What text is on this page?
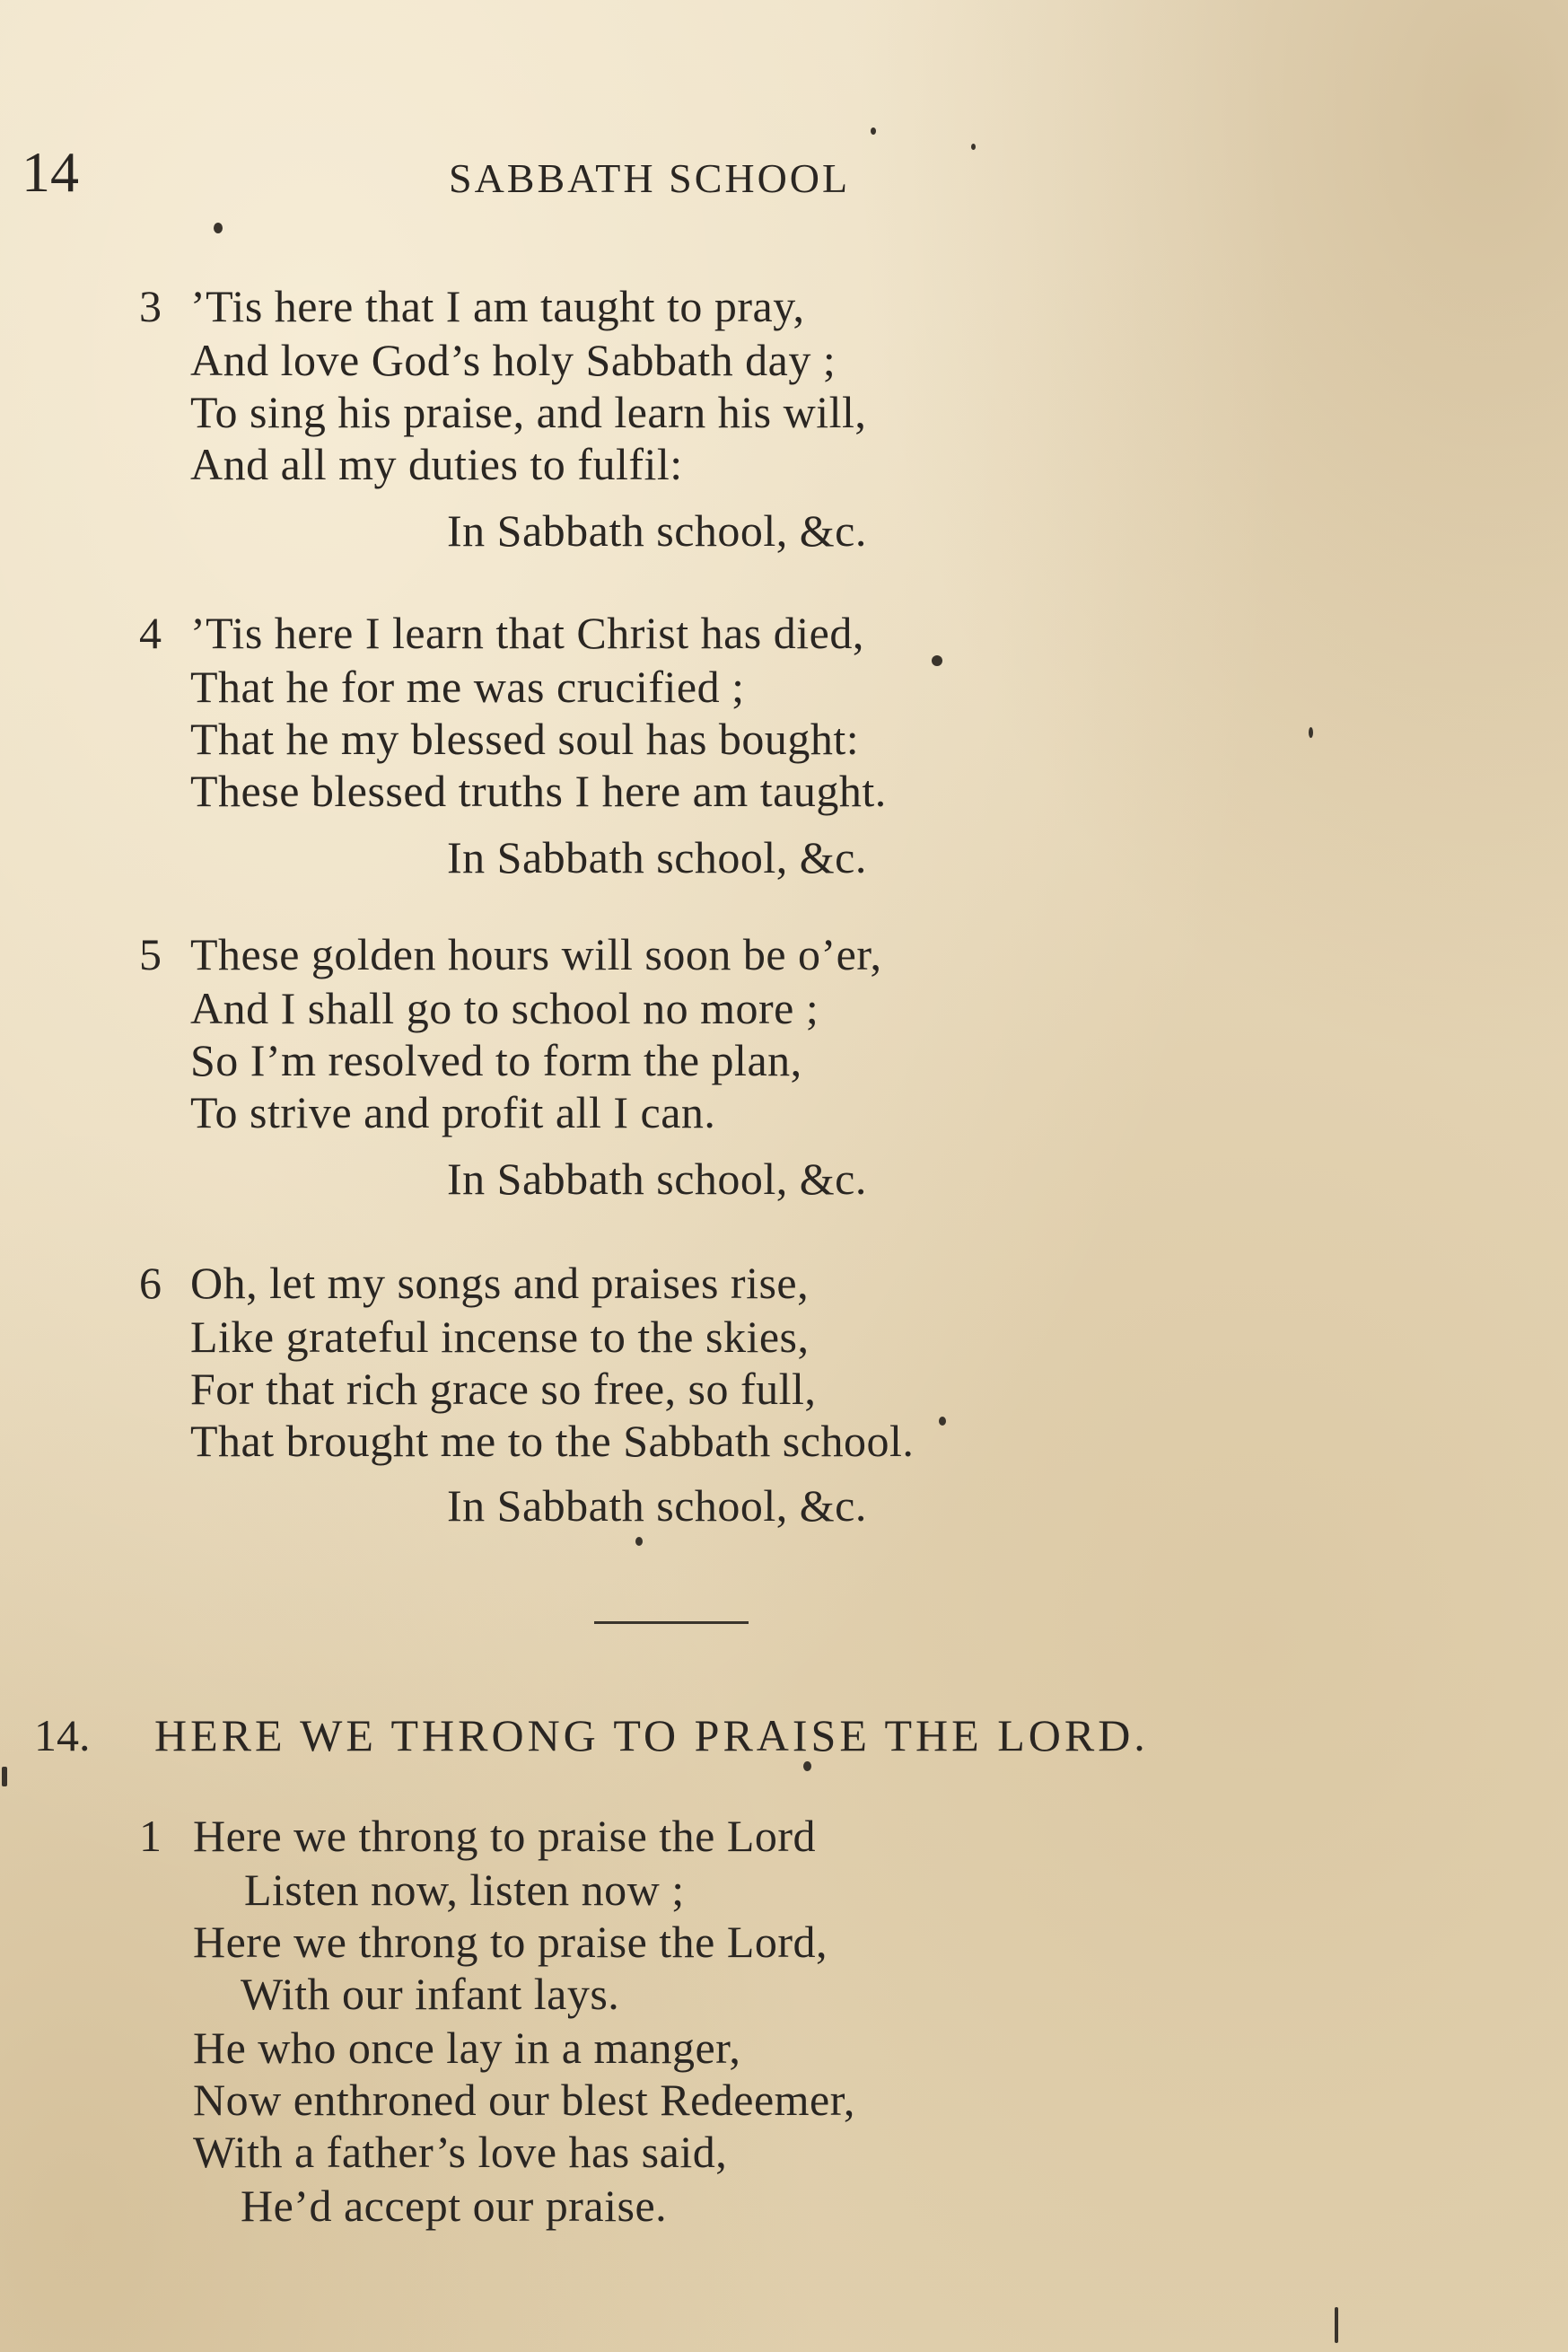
14	SABBATH SCHOOL
3 ’Tis here that I am taught to pray,
And love God’s holy Sabbath day ;
To sing his praise, and learn his will,
And all my duties to fulfil:
In Sabbath school, &c.
4 ’Tis here I learn that Christ has died,
That he for me was crucified ;
That he my blessed soul has bought:
These blessed truths I here am taught.
In Sabbath school, &c.
5 These golden hours will soon be o’er,
And I shall go to school no more ;
So I’m resolved to form the plan,
To strive and profit all I can.
In Sabbath school, &c.
6 Oh, let my songs and praises rise,
Like grateful incense to the skies,
For that rich grace so free, so full,
That brought me to the Sabbath school.
In Sabbath school, &c.
14. HERE WE THRONG TO PRAISE THE LORD.
1 Here we throng to praise the Lord
Listen now, listen now ;
Here we throng to praise the Lord,
With our infant lays.
He who once lay in a manger,
Now enthroned our blest Redeemer,
With a father’s love has said,
He’d accept our praise.
